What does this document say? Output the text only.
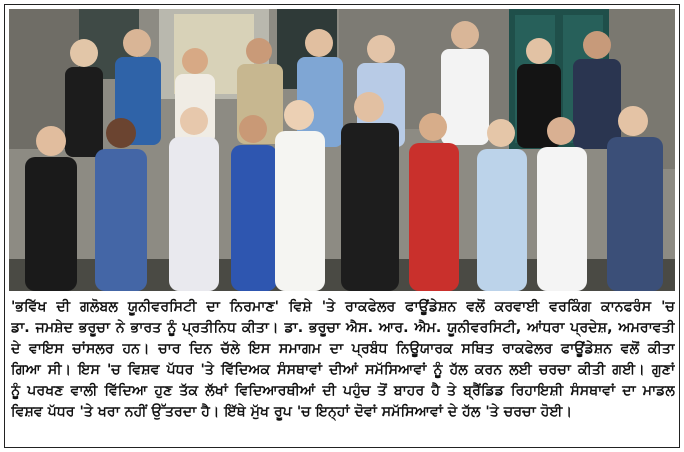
'ਭਵਿੱਖ ਦੀ ਗਲੋਬਲ ਯੂਨੀਵਰਸਿਟੀ ਦਾ ਨਿਰਮਾਣ' ਵਿਸ਼ੇ 'ਤੇ ਰਾਕਫੇਲਰ ਫਾਊਂਡੇਸ਼ਨ ਵਲੋਂ ਕਰਵਾਈ ਵਰਕਿੰਗ ਕਾਨਫਰੰਸ 'ਚ
ਡਾ. ਜਮਸ਼ੇਦ ਭਰੂਚਾ ਨੇ ਭਾਰਤ ਨੂੰ ਪ੍ਰਤੀਨਿਧ ਕੀਤਾ। ਡਾ. ਭਰੂਚਾ ਐਸ. ਆਰ. ਐਮ. ਯੂਨੀਵਰਸਿਟੀ, ਆਂਧਰਾ ਪ੍ਰਦੇਸ਼, ਅਮਰਾਵਤੀ
ਦੇ ਵਾਇਸ ਚਾਂਸਲਰ ਹਨ। ਚਾਰ ਦਿਨ ਚੱਲੇ ਇਸ ਸਮਾਗਮ ਦਾ ਪ੍ਰਬੰਧ ਨਿਊਯਾਰਕ ਸਥਿਤ ਰਾਕਫੇਲਰ ਫਾਊਂਡੇਸ਼ਨ ਵਲੋਂ ਕੀਤਾ
ਗਿਆ ਸੀ। ਇਸ 'ਚ ਵਿਸ਼ਵ ਪੱਧਰ 'ਤੇ ਵਿੱਦਿਅਕ ਸੰਸਥਾਵਾਂ ਦੀਆਂ ਸਮੱਸਿਆਵਾਂ ਨੂੰ ਹੱਲ ਕਰਨ ਲਈ ਚਰਚਾ ਕੀਤੀ ਗਈ। ਗੁਣਾਂ
ਨੂੰ ਪਰਖਣ ਵਾਲੀ ਵਿੱਦਿਆ ਹੁਣ ਤੱਕ ਲੱਖਾਂ ਵਿਦਿਆਰਥੀਆਂ ਦੀ ਪਹੁੰਚ ਤੋਂ ਬਾਹਰ ਹੈ ਤੇ ਬ੍ਰੈਂਡਿਡ ਰਿਹਾਇਸ਼ੀ ਸੰਸਥਾਵਾਂ ਦਾ ਮਾਡਲ
ਵਿਸ਼ਵ ਪੱਧਰ 'ਤੇ ਖਰਾ ਨਹੀਂ ਉੱਤਰਦਾ ਹੈ। ਇੱਥੇ ਮੁੱਖ ਰੂਪ 'ਚ ਇਨ੍ਹਾਂ ਦੋਵਾਂ ਸਮੱਸਿਆਵਾਂ ਦੇ ਹੱਲ 'ਤੇ ਚਰਚਾ ਹੋਈ।
